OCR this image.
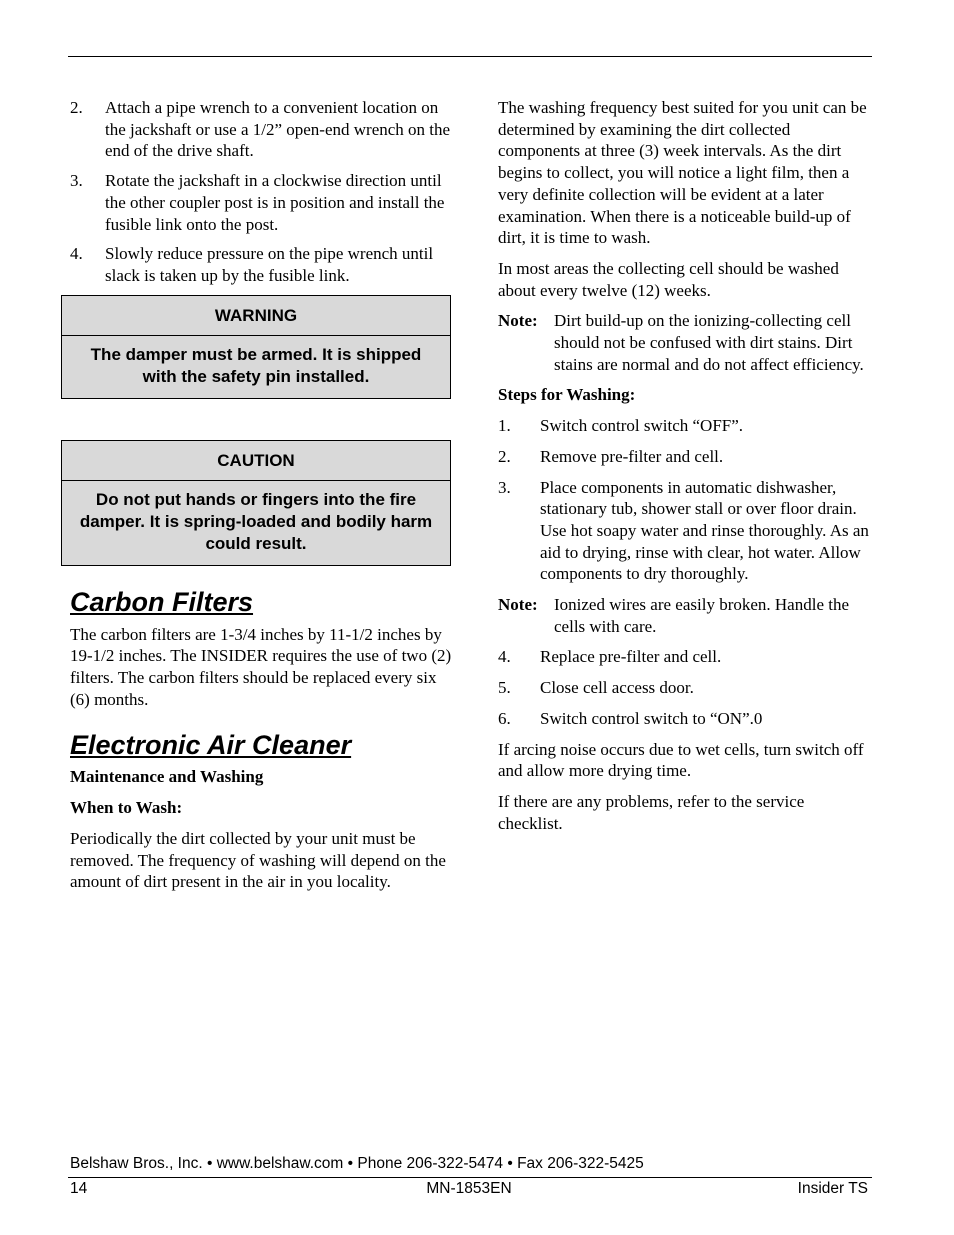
2. Attach a pipe wrench to a convenient location on the jackshaft or use a 1/2” open-end wrench on the end of the drive shaft.
3. Rotate the jackshaft in a clockwise direction until the other coupler post is in position and install the fusible link onto the post.
4. Slowly reduce pressure on the pipe wrench until slack is taken up by the fusible link.
WARNING
The damper must be armed. It is shipped with the safety pin installed.
CAUTION
Do not put hands or fingers into the fire damper. It is spring-loaded and bodily harm could result.
Carbon Filters

The carbon filters are 1-3/4 inches by 11-1/2 inches by 19-1/2 inches. The INSIDER requires the use of two (2) filters. The carbon filters should be replaced every six (6) months.

Electronic Air Cleaner

Maintenance and Washing

When to Wash:

Periodically the dirt collected by your unit must be removed. The frequency of washing will depend on the amount of dirt present in the air in you locality.

The washing frequency best suited for you unit can be determined by examining the dirt collected components at three (3) week intervals. As the dirt begins to collect, you will notice a light film, then a very definite collection will be evident at a later examination. When there is a noticeable build-up of dirt, it is time to wash.

In most areas the collecting cell should be washed about every twelve (12) weeks.

Note: Dirt build-up on the ionizing-collecting cell should not be confused with dirt stains. Dirt stains are normal and do not affect efficiency.

Steps for Washing:

1. Switch control switch “OFF”.
2. Remove pre-filter and cell.
3. Place components in automatic dishwasher, stationary tub, shower stall or over floor drain. Use hot soapy water and rinse thoroughly. As an aid to drying, rinse with clear, hot water. Allow components to dry thoroughly.

Note: Ionized wires are easily broken. Handle the cells with care.

4. Replace pre-filter and cell.
5. Close cell access door.
6. Switch control switch to “ON”.0

If arcing noise occurs due to wet cells, turn switch off and allow more drying time.

If there are any problems, refer to the service checklist.

Belshaw Bros., Inc. • www.belshaw.com • Phone 206-322-5474 • Fax 206-322-5425
14	MN-1853EN	Insider TS
